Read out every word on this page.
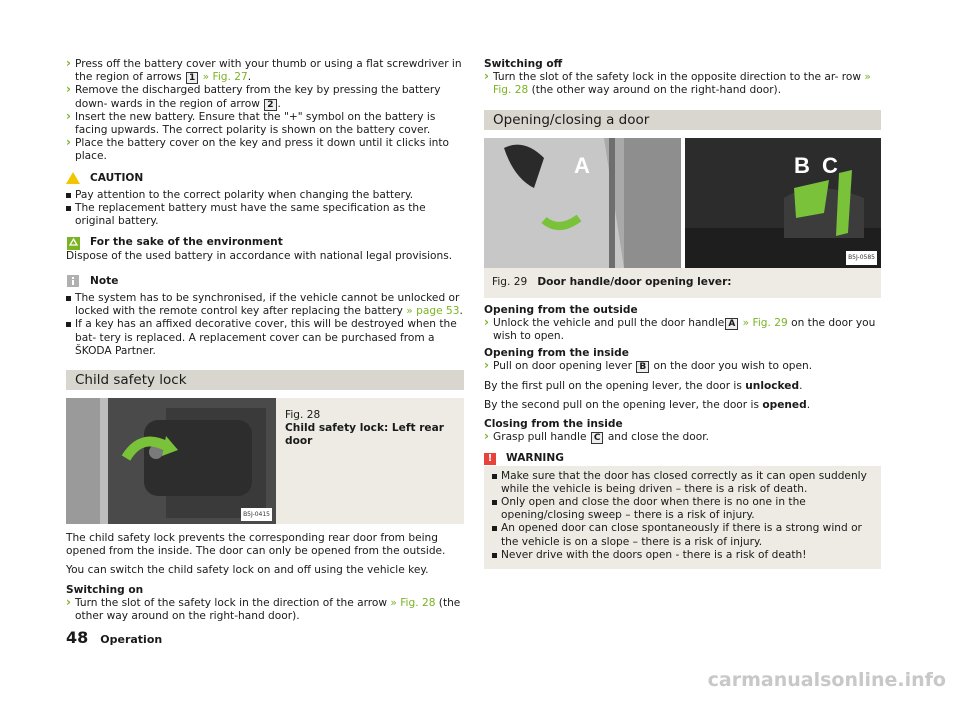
› Press off the battery cover with your thumb or using a flat screwdriver in the region of arrows 1 » Fig. 27.

› Remove the discharged battery from the key by pressing the battery down- wards in the region of arrow 2 .

› Insert the new battery. Ensure that the "+" symbol on the battery is facing upwards. The correct polarity is shown on the battery cover.

› Place the battery cover on the key and press it down until it clicks into place.

CAUTION

Pay attention to the correct polarity when changing the battery.

The replacement battery must have the same specification as the original battery.

For the sake of the environment

Dispose of the used battery in accordance with national legal provisions.

Note

The system has to be synchronised, if the vehicle cannot be unlocked or locked with the remote control key after replacing the battery » page 53.

If a key has an affixed decorative cover, this will be destroyed when the bat- tery is replaced. A replacement cover can be purchased from a ŠKODA Partner.

Child safety lock
B5J-0415
Fig. 28
Child safety lock: Left rear door

The child safety lock prevents the corresponding rear door from being opened from the inside. The door can only be opened from the outside.

You can switch the child safety lock on and off using the vehicle key.

Switching on

› Turn the slot of the safety lock in the direction of the arrow » Fig. 28 (the other way around on the right-hand door).

Switching off

› Turn the slot of the safety lock in the opposite direction to the ar- row » Fig. 28 (the other way around on the right-hand door).

Opening/closing a door
A	B C
B5J-0585
Fig. 29 Door handle/door opening lever:

Opening from the outside

› Unlock the vehicle and pull the door handle A » Fig. 29 on the door you wish to open.

Opening from the inside

› Pull on door opening lever B on the door you wish to open.

By the first pull on the opening lever, the door is unlocked.

By the second pull on the opening lever, the door is opened.

Closing from the inside

› Grasp pull handle C and close the door.

!	WARNING

Make sure that the door has closed correctly as it can open suddenly while the vehicle is being driven – there is a risk of death.

Only open and close the door when there is no one in the opening/closing sweep – there is a risk of injury.

An opened door can close spontaneously if there is a strong wind or the vehicle is on a slope – there is a risk of injury.

Never drive with the doors open - there is a risk of death!

48 Operation
carmanualsonline.info
